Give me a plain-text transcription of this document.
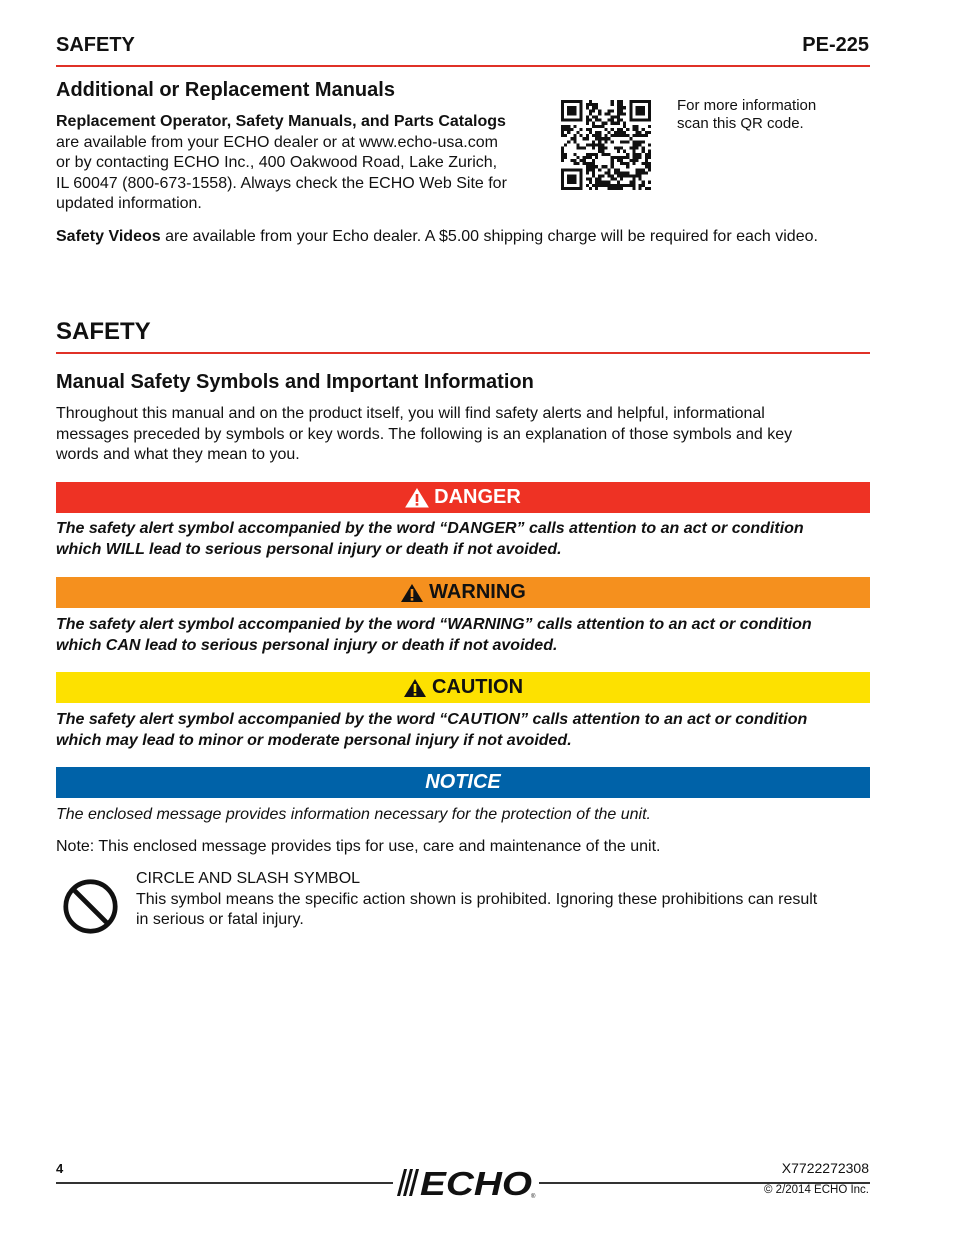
SAFETY	PE-225
Additional or Replacement Manuals
Replacement Operator, Safety Manuals, and Parts Catalogs
are available from your ECHO dealer or at www.echo-usa.com
or by contacting ECHO Inc., 400 Oakwood Road, Lake Zurich,
IL 60047 (800-673-1558). Always check the ECHO Web Site for
updated information.
For more information
scan this QR code.
Safety Videos are available from your Echo dealer. A $5.00 shipping charge will be required for each video.
SAFETY
Manual Safety Symbols and Important Information
Throughout this manual and on the product itself, you will find safety alerts and helpful, informational
messages preceded by symbols or key words. The following is an explanation of those symbols and key
words and what they mean to you.
DANGER
The safety alert symbol accompanied by the word “DANGER” calls attention to an act or condition
which WILL lead to serious personal injury or death if not avoided.
WARNING
The safety alert symbol accompanied by the word “WARNING” calls attention to an act or condition
which CAN lead to serious personal injury or death if not avoided.
CAUTION
The safety alert symbol accompanied by the word “CAUTION” calls attention to an act or condition
which may lead to minor or moderate personal injury if not avoided.
NOTICE
The enclosed message provides information necessary for the protection of the unit.
Note: This enclosed message provides tips for use, care and maintenance of the unit.
CIRCLE AND SLASH SYMBOL
This symbol means the specific action shown is prohibited. Ignoring these prohibitions can result
in serious or fatal injury.
4	ECHO
®
X7722272308
© 2/2014 ECHO Inc.
